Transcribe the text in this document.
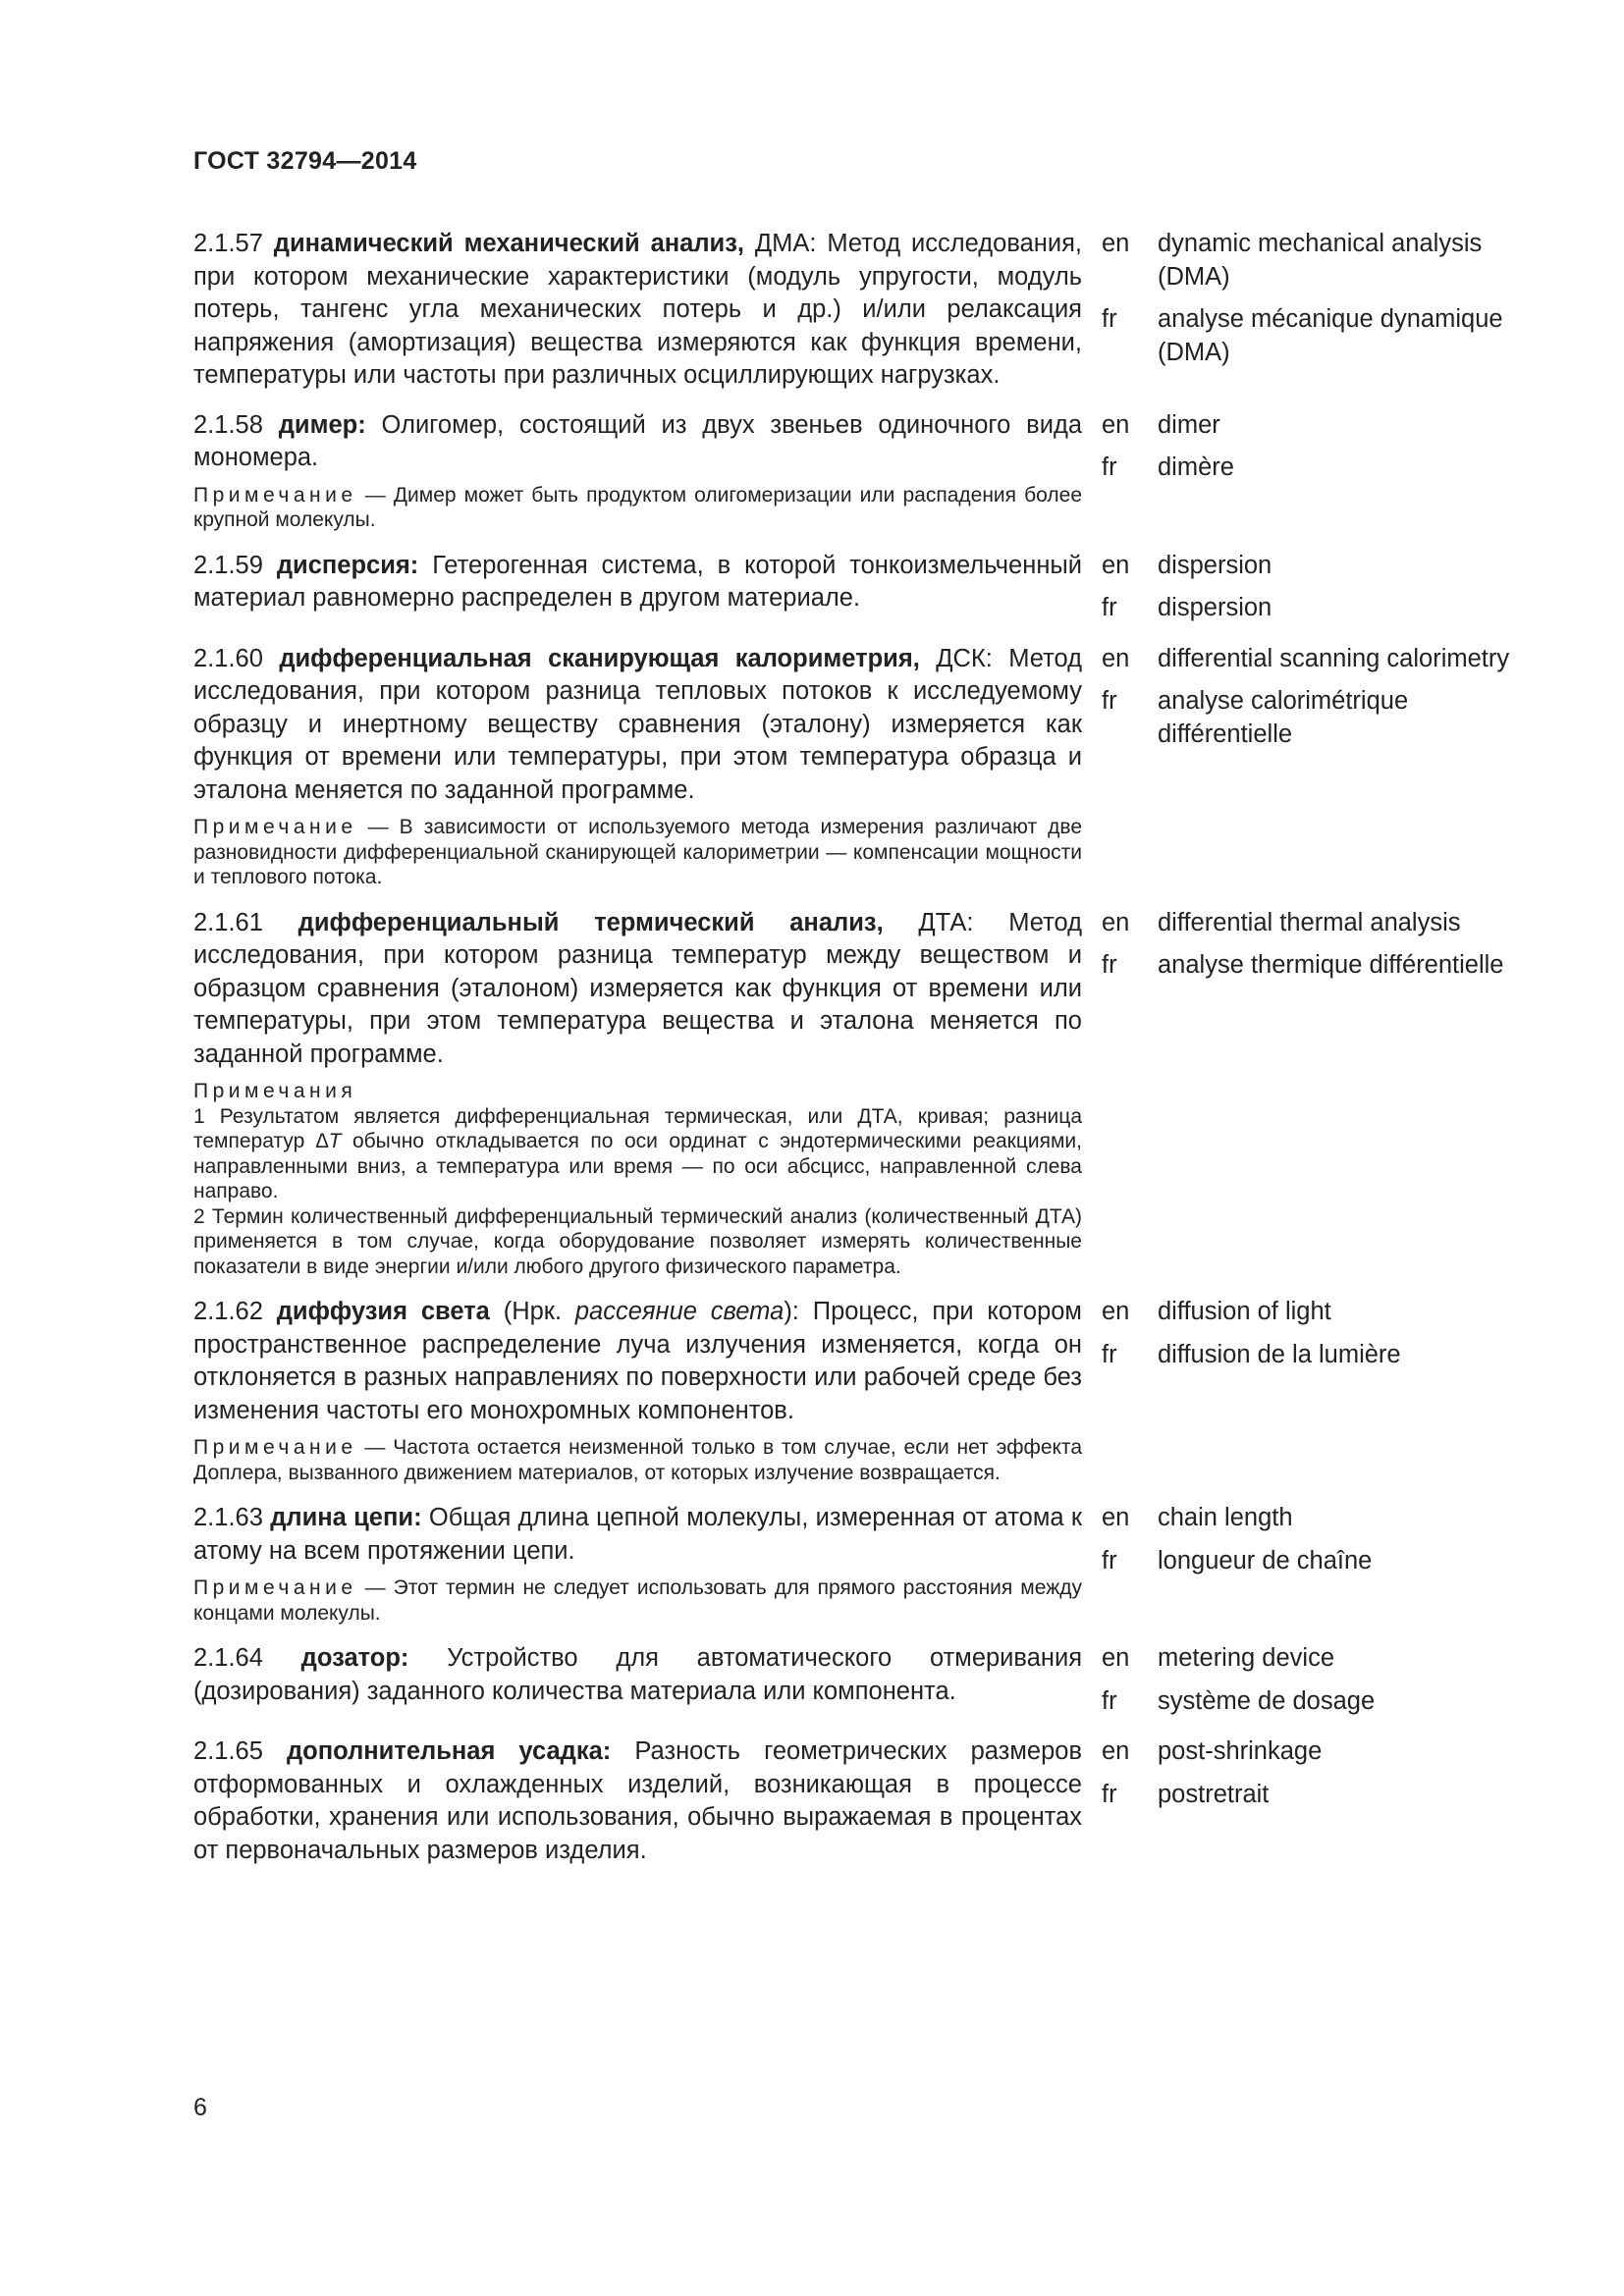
ГОСТ 32794—2014

2.1.57 динамический механический анализ, ДМА: Метод исследования, при котором механические характеристики (модуль упругости, модуль потерь, тангенс угла механических потерь и др.) и/или релаксация напряжения (амортизация) вещества измеряются как функция времени, температуры или частоты при различных осциллирующих нагрузках.

en	dynamic mechanical analysis (DMA)
fr	analyse mécanique dynamique (DMA)

2.1.58 димер: Олигомер, состоящий из двух звеньев одиночного вида мономера.

Примечание — Димер может быть продуктом олигомеризации или распадения более крупной молекулы.

en	dimer
fr	dimère

2.1.59 дисперсия: Гетерогенная система, в которой тонкоизмельченный материал равномерно распределен в другом материале.

en	dispersion
fr	dispersion

2.1.60 дифференциальная сканирующая калориметрия, ДСК: Метод исследования, при котором разница тепловых потоков к исследуемому образцу и инертному веществу сравнения (эталону) измеряется как функция от времени или температуры, при этом температура образца и эталона меняется по заданной программе.

Примечание — В зависимости от используемого метода измерения различают две разновидности дифференциальной сканирующей калориметрии — компенсации мощности и теплового потока.

en	differential scanning calorimetry
fr	analyse calorimétrique différentielle

2.1.61 дифференциальный термический анализ, ДТА: Метод исследования, при котором разница температур между веществом и образцом сравнения (эталоном) измеряется как функция от времени или температуры, при этом температура вещества и эталона меняется по заданной программе.

Примечания
1 Результатом является дифференциальная термическая, или ДТА, кривая; разница температур ∆T обычно откладывается по оси ординат с эндотермическими реакциями, направленными вниз, а температура или время — по оси абсцисс, направленной слева направо.
2 Термин количественный дифференциальный термический анализ (количественный ДТА) применяется в том случае, когда оборудование позволяет измерять количественные показатели в виде энергии и/или любого другого физического параметра.

en	differential thermal analysis
fr	analyse thermique différentielle

2.1.62 диффузия света (Нрк. рассеяние света): Процесс, при котором пространственное распределение луча излучения изменяется, когда он отклоняется в разных направлениях по поверхности или рабочей среде без изменения частоты его монохромных компонентов.

Примечание — Частота остается неизменной только в том случае, если нет эффекта Доплера, вызванного движением материалов, от которых излучение возвращается.

en	diffusion of light
fr	diffusion de la lumière

2.1.63 длина цепи: Общая длина цепной молекулы, измеренная от атома к атому на всем протяжении цепи.

Примечание — Этот термин не следует использовать для прямого расстояния между концами молекулы.

en	chain length
fr	longueur de chaîne

2.1.64 дозатор: Устройство для автоматического отмеривания (дозирования) заданного количества материала или компонента.

en	metering device
fr	système de dosage

2.1.65 дополнительная усадка: Разность геометрических размеров отформованных и охлажденных изделий, возникающая в процессе обработки, хранения или использования, обычно выражаемая в процентах от первоначальных размеров изделия.

en	post-shrinkage
fr	postretrait
6
